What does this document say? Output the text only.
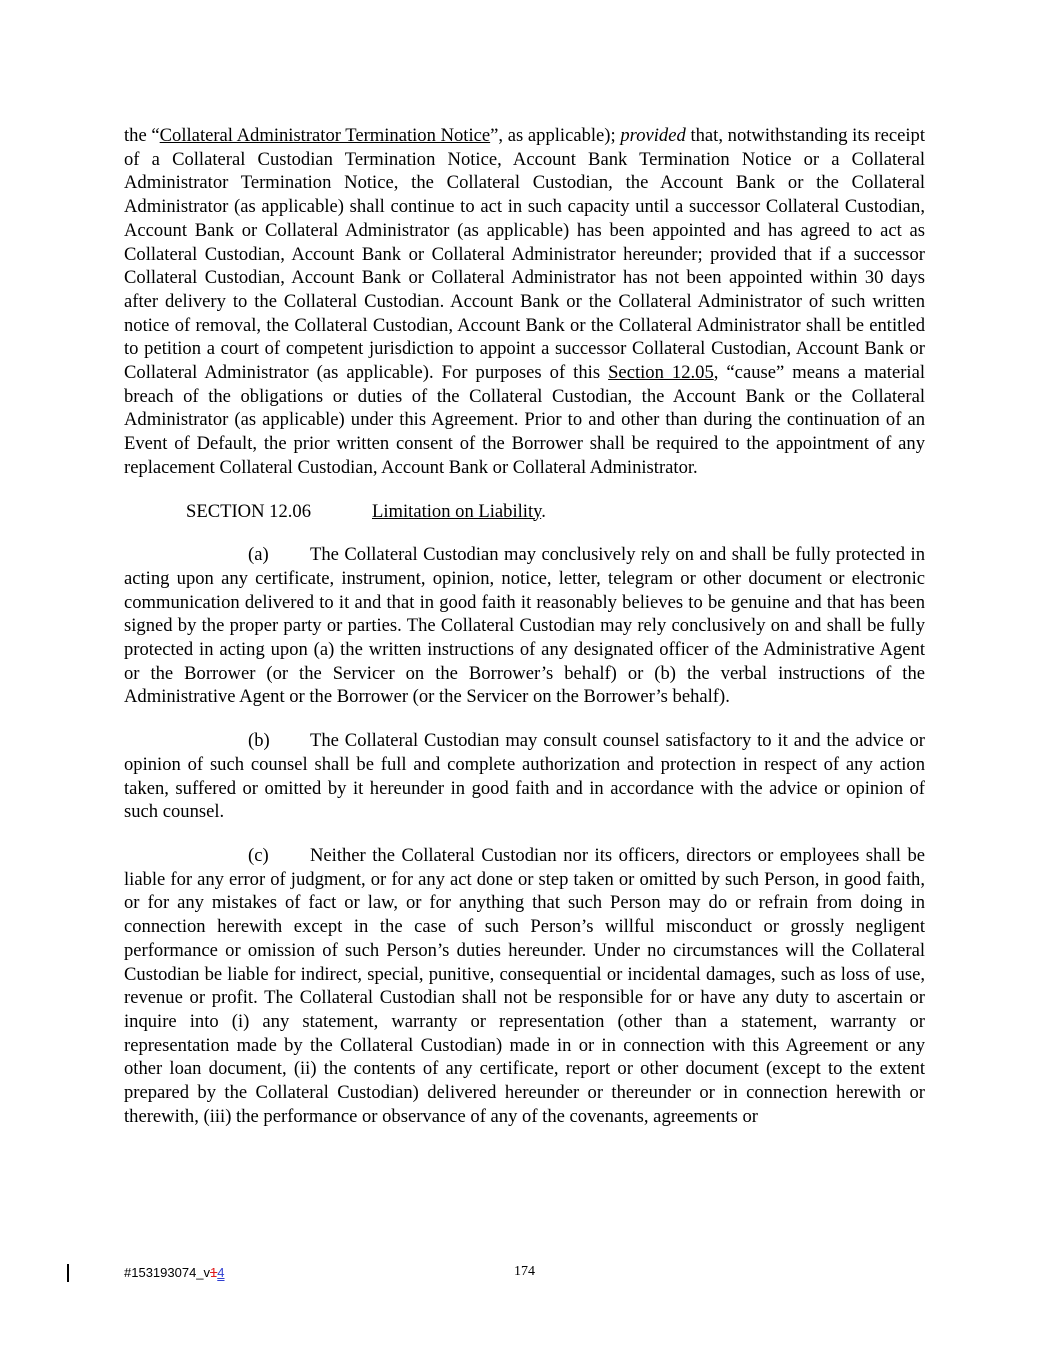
the “Collateral Administrator Termination Notice”, as applicable); provided that, notwithstanding its receipt of a Collateral Custodian Termination Notice, Account Bank Termination Notice or a Collateral Administrator Termination Notice, the Collateral Custodian, the Account Bank or the Collateral Administrator (as applicable) shall continue to act in such capacity until a successor Collateral Custodian, Account Bank or Collateral Administrator (as applicable) has been appointed and has agreed to act as Collateral Custodian, Account Bank or Collateral Administrator hereunder; provided that if a successor Collateral Custodian, Account Bank or Collateral Administrator has not been appointed within 30 days after delivery to the Collateral Custodian. Account Bank or the Collateral Administrator of such written notice of removal, the Collateral Custodian, Account Bank or the Collateral Administrator shall be entitled to petition a court of competent jurisdiction to appoint a successor Collateral Custodian, Account Bank or Collateral Administrator (as applicable). For purposes of this Section 12.05, “cause” means a material breach of the obligations or duties of the Collateral Custodian, the Account Bank or the Collateral Administrator (as applicable) under this Agreement. Prior to and other than during the continuation of an Event of Default, the prior written consent of the Borrower shall be required to the appointment of any replacement Collateral Custodian, Account Bank or Collateral Administrator.

SECTION 12.06	Limitation on Liability.

(a) The Collateral Custodian may conclusively rely on and shall be fully protected in acting upon any certificate, instrument, opinion, notice, letter, telegram or other document or electronic communication delivered to it and that in good faith it reasonably believes to be genuine and that has been signed by the proper party or parties. The Collateral Custodian may rely conclusively on and shall be fully protected in acting upon (a) the written instructions of any designated officer of the Administrative Agent or the Borrower (or the Servicer on the Borrower’s behalf) or (b) the verbal instructions of the Administrative Agent or the Borrower (or the Servicer on the Borrower’s behalf).

(b) The Collateral Custodian may consult counsel satisfactory to it and the advice or opinion of such counsel shall be full and complete authorization and protection in respect of any action taken, suffered or omitted by it hereunder in good faith and in accordance with the advice or opinion of such counsel.

(c) Neither the Collateral Custodian nor its officers, directors or employees shall be liable for any error of judgment, or for any act done or step taken or omitted by such Person, in good faith, or for any mistakes of fact or law, or for anything that such Person may do or refrain from doing in connection herewith except in the case of such Person’s willful misconduct or grossly negligent performance or omission of such Person’s duties hereunder. Under no circumstances will the Collateral Custodian be liable for indirect, special, punitive, consequential or incidental damages, such as loss of use, revenue or profit. The Collateral Custodian shall not be responsible for or have any duty to ascertain or inquire into (i) any statement, warranty or representation (other than a statement, warranty or representation made by the Collateral Custodian) made in or in connection with this Agreement or any other loan document, (ii) the contents of any certificate, report or other document (except to the extent prepared by the Collateral Custodian) delivered hereunder or thereunder or in connection herewith or therewith, (iii) the performance or observance of any of the covenants, agreements or

#153193074_v14	174
